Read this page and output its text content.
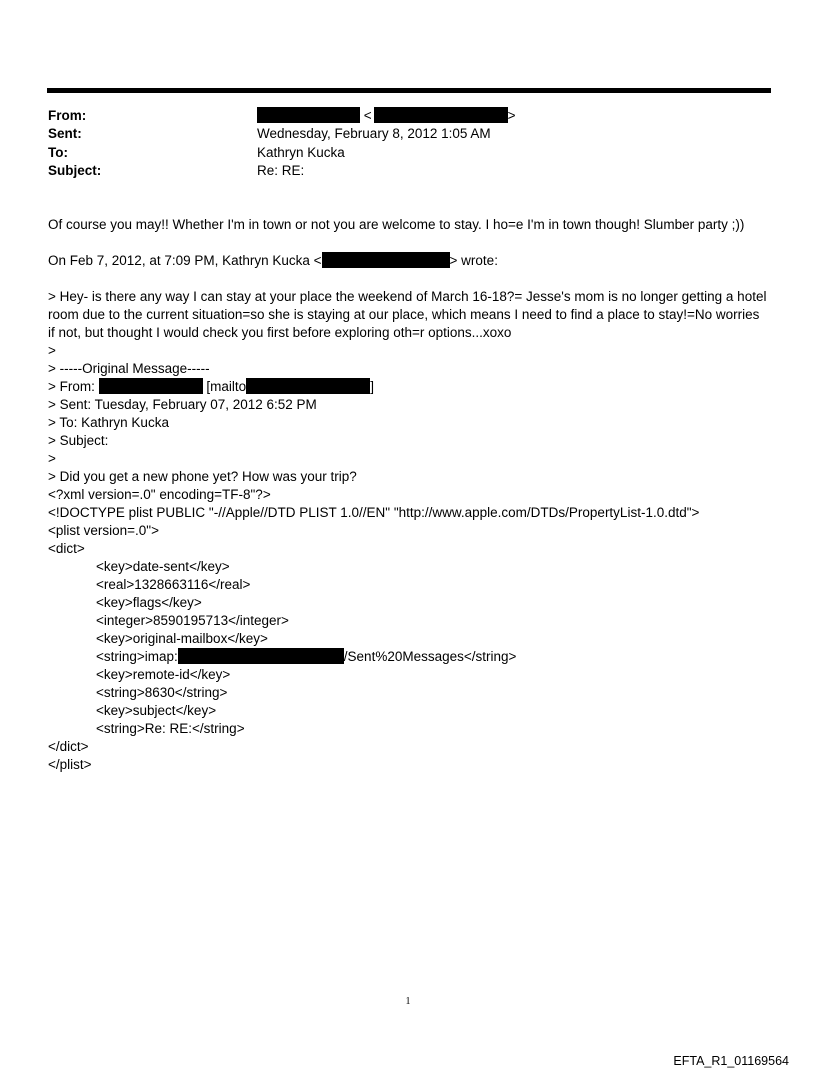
From:	<	>
Sent:	Wednesday, February 8, 2012 1:05 AM
To:	Kathryn Kucka
Subject:	Re: RE:
Of course you may!! Whether I'm in town or not you are welcome to stay. I ho=e I'm in town though! Slumber party ;))
On Feb 7, 2012, at 7:09 PM, Kathryn Kucka <	> wrote:
> Hey- is there any way I can stay at your place the weekend of March 16-18?= Jesse's mom is no longer getting a hotel
room due to the current situation=so she is staying at our place, which means I need to find a place to stay!=No worries
if not, but thought I would check you first before exploring oth=r options...xoxo
>
> -----Original Message-----
> From:	[mailto	]
> Sent: Tuesday, February 07, 2012 6:52 PM
> To: Kathryn Kucka
> Subject:
>
> Did you get a new phone yet? How was your trip?
<?xml version=.0" encoding=TF-8"?>
<!DOCTYPE plist PUBLIC "-//Apple//DTD PLIST 1.0//EN" "http://www.apple.com/DTDs/PropertyList-1.0.dtd">
<plist version=.0">
<dict>
<key>date-sent</key>
<real>1328663116</real>
<key>flags</key>
<integer>8590195713</integer>
<key>original-mailbox</key>
<string>imap:	/Sent%20Messages</string>
<key>remote-id</key>
<string>8630</string>
<key>subject</key>
<string>Re: RE:</string>
</dict>
</plist>
1
EFTA_R1_01169564
